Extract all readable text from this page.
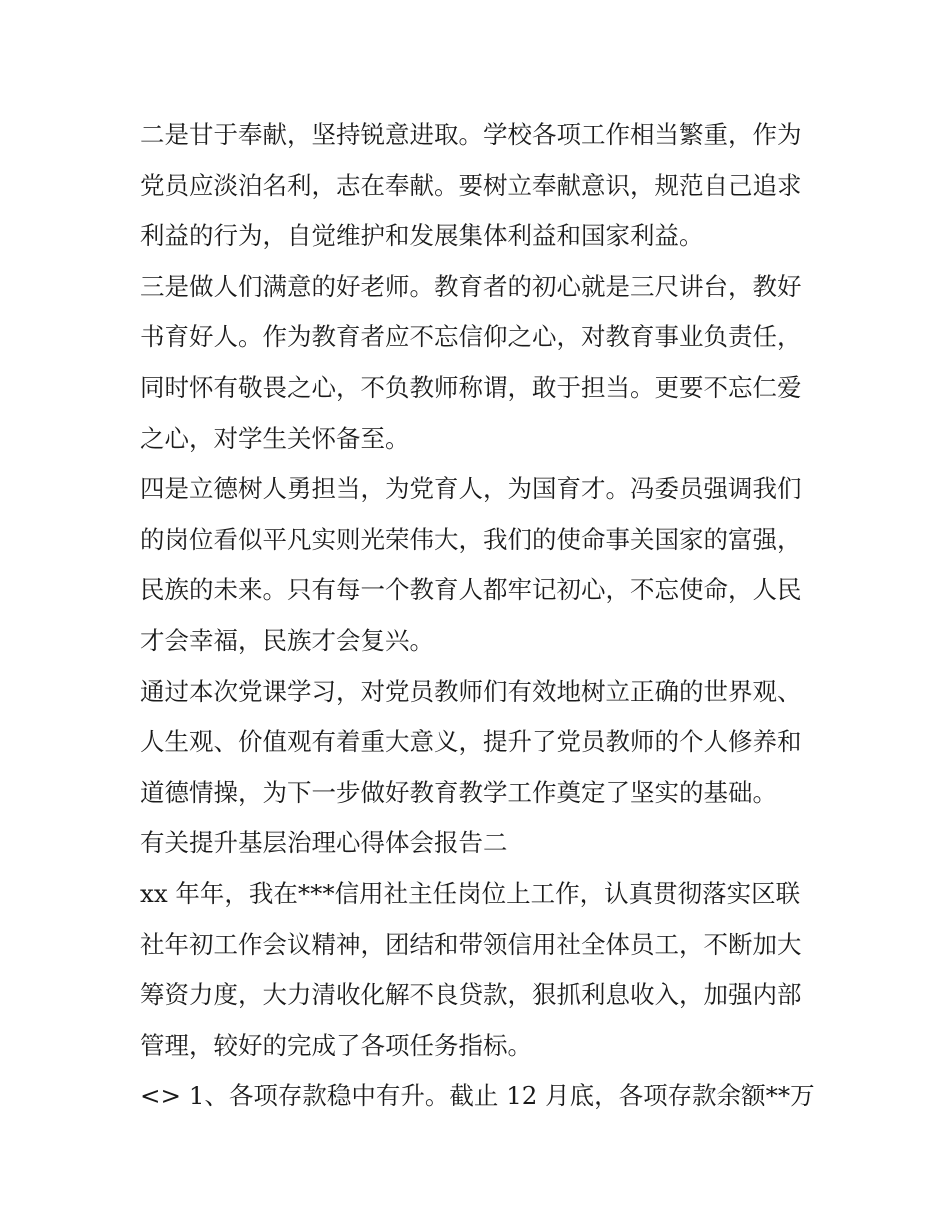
二是甘于奉献，坚持锐意进取。学校各项工作相当繁重，作为
党员应淡泊名利，志在奉献。要树立奉献意识，规范自己追求
利益的行为，自觉维护和发展集体利益和国家利益。
三是做人们满意的好老师。教育者的初心就是三尺讲台，教好
书育好人。作为教育者应不忘信仰之心，对教育事业负责任，
同时怀有敬畏之心，不负教师称谓，敢于担当。更要不忘仁爱
之心，对学生关怀备至。
四是立德树人勇担当，为党育人，为国育才。冯委员强调我们
的岗位看似平凡实则光荣伟大，我们的使命事关国家的富强，
民族的未来。只有每一个教育人都牢记初心，不忘使命，人民
才会幸福，民族才会复兴。
通过本次党课学习，对党员教师们有效地树立正确的世界观、
人生观、价值观有着重大意义，提升了党员教师的个人修养和
道德情操，为下一步做好教育教学工作奠定了坚实的基础。
有关提升基层治理心得体会报告二
xx 年年，我在***信用社主任岗位上工作，认真贯彻落实区联
社年初工作会议精神，团结和带领信用社全体员工，不断加大
筹资力度，大力清收化解不良贷款，狠抓利息收入，加强内部
管理，较好的完成了各项任务指标。
<> 1、各项存款稳中有升。截止 12 月底，各项存款余额**万
